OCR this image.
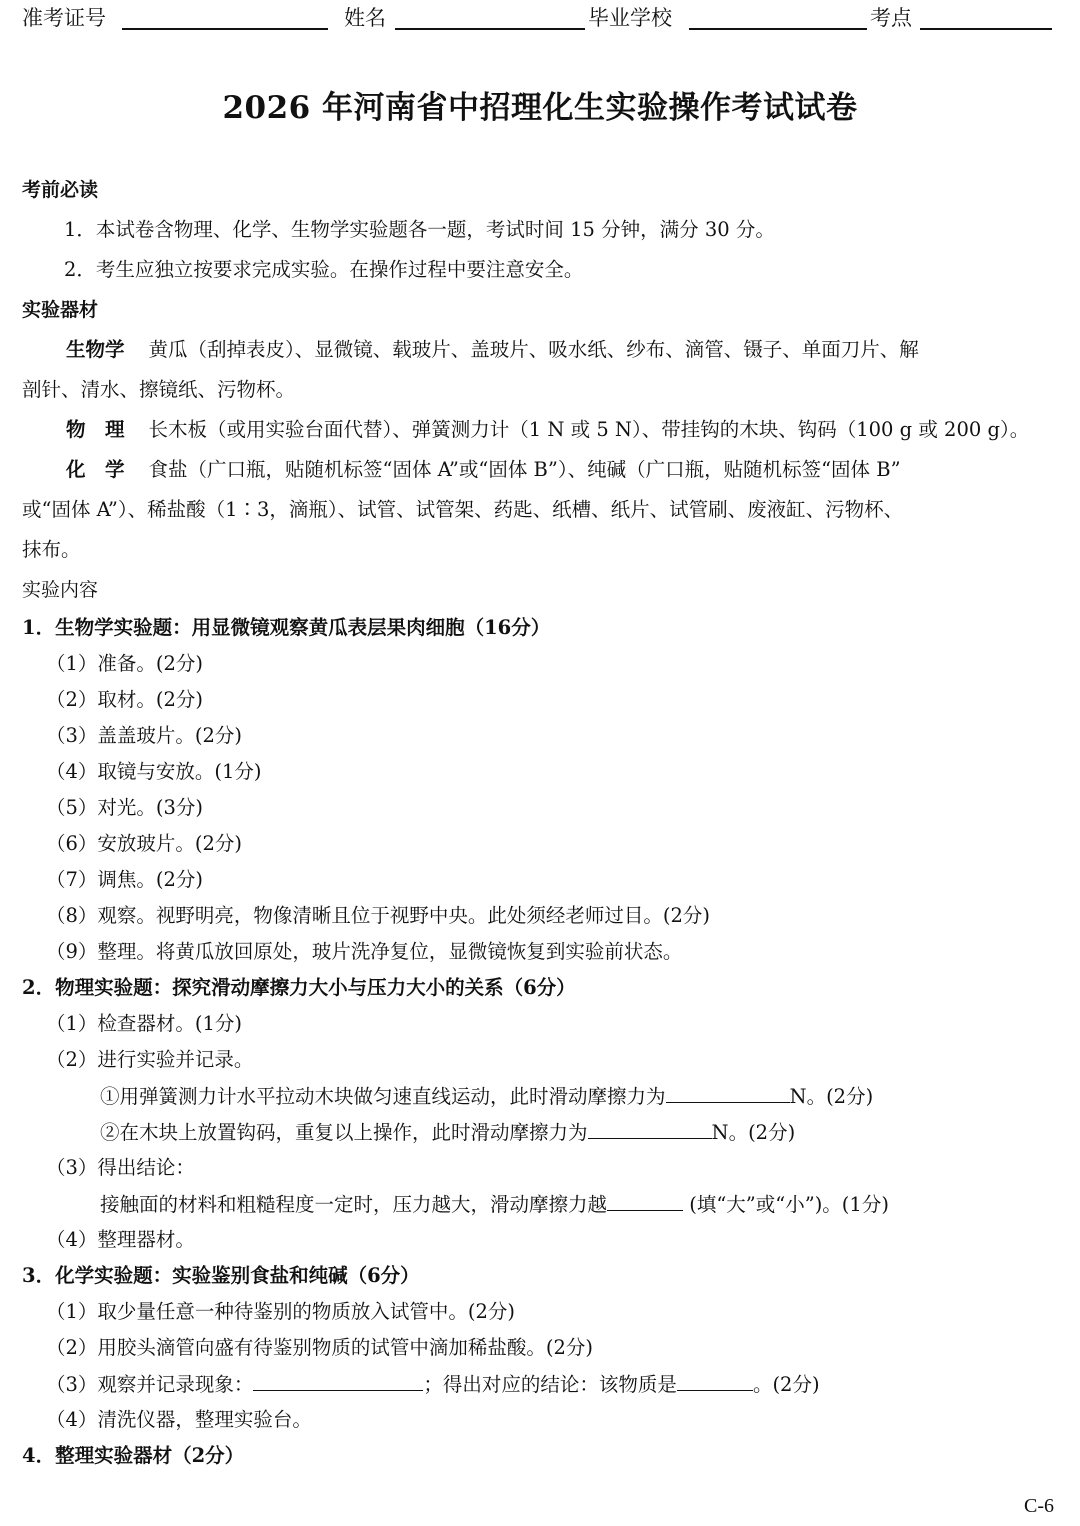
准考证号	姓名	毕业学校	考点
2026 年河南省中招理化生实验操作考试试卷
考前必读
1．本试卷含物理、化学、生物学实验题各一题，考试时间 15 分钟，满分 30 分。
2．考生应独立按要求完成实验。在操作过程中要注意安全。
实验器材
生物学 黄瓜（刮掉表皮）、显微镜、载玻片、盖玻片、吸水纸、纱布、滴管、镊子、单面刀片、解
剖针、清水、擦镜纸、污物杯。
物　理 长木板（或用实验台面代替）、弹簧测力计（1 N 或 5 N）、带挂钩的木块、钩码（100 g 或 200 g）。
化　学 食盐（广口瓶，贴随机标签“固体 A”或“固体 B”）、纯碱（广口瓶，贴随机标签“固体 B”
或“固体 A”）、稀盐酸（1∶3，滴瓶）、试管、试管架、药匙、纸槽、纸片、试管刷、废液缸、污物杯、
抹布。
实验内容
1．生物学实验题：用显微镜观察黄瓜表层果肉细胞（16分）
（1）准备。(2分)
（2）取材。(2分)
（3）盖盖玻片。(2分)
（4）取镜与安放。(1分)
（5）对光。(3分)
（6）安放玻片。(2分)
（7）调焦。(2分)
（8）观察。视野明亮，物像清晰且位于视野中央。此处须经老师过目。(2分)
（9）整理。将黄瓜放回原处，玻片洗净复位，显微镜恢复到实验前状态。
2．物理实验题：探究滑动摩擦力大小与压力大小的关系（6分）
（1）检查器材。(1分)
（2）进行实验并记录。
①用弹簧测力计水平拉动木块做匀速直线运动，此时滑动摩擦力为	N。(2分)
②在木块上放置钩码，重复以上操作，此时滑动摩擦力为	N。(2分)
（3）得出结论：
接触面的材料和粗糙程度一定时，压力越大，滑动摩擦力越	(填“大”或“小”)。(1分)
（4）整理器材。
3．化学实验题：实验鉴别食盐和纯碱（6分）
（1）取少量任意一种待鉴别的物质放入试管中。(2分)
（2）用胶头滴管向盛有待鉴别物质的试管中滴加稀盐酸。(2分)
（3）观察并记录现象：	；得出对应的结论：该物质是	。(2分)
（4）清洗仪器，整理实验台。
4．整理实验器材（2分）
C-6
